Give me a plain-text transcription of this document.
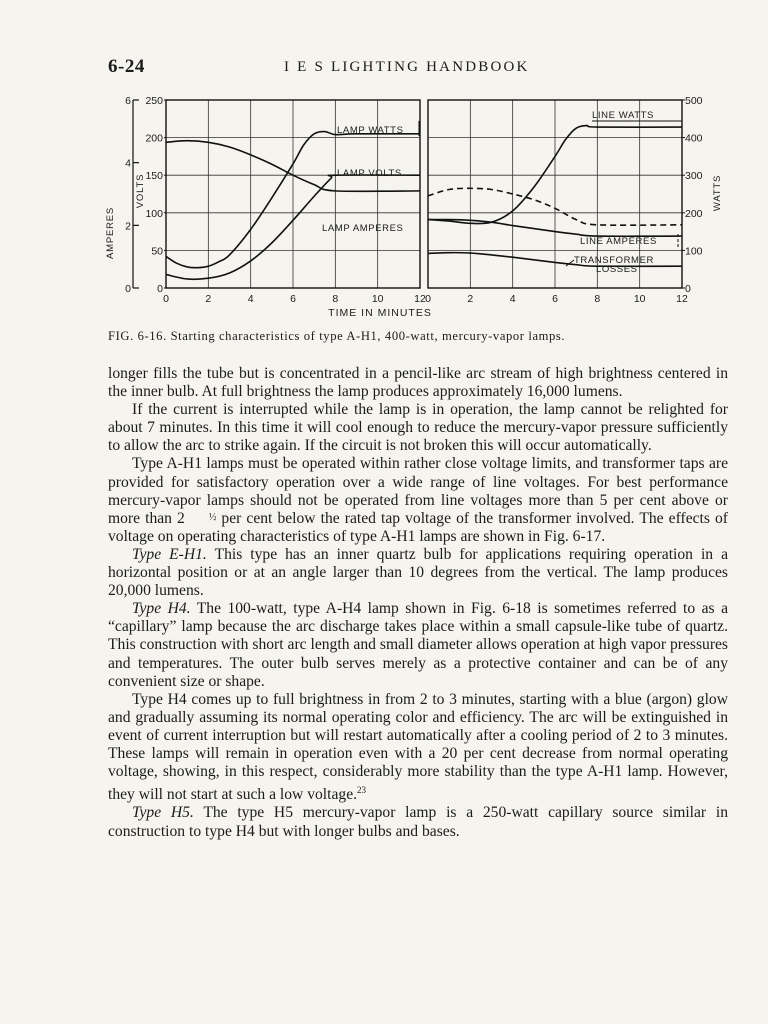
6-24	I E S LIGHTING HANDBOOK
0	2	4	6	8	10	12 0	2	4	6	8	10	12
0
50
100
150
200
250
0
2
4
6
AMPERES
VOLTS
0
100
200
300
400
500
WATTS
TIME IN MINUTES
LAMP WATTS
LAMP VOLTS
LAMP AMPERES
LINE WATTS
LINE AMPERES
TRANSFORMER
LOSSES
FIG. 6-16. Starting characteristics of type A-H1, 400-watt, mercury-vapor lamps.

longer fills the tube but is concentrated in a pencil-like arc stream of high brightness centered in the inner bulb. At full brightness the lamp produces approximately 16,000 lumens.

If the current is interrupted while the lamp is in operation, the lamp cannot be relighted for about 7 minutes. In this time it will cool enough to reduce the mercury-vapor pressure sufficiently to allow the arc to strike again. If the circuit is not broken this will occur automatically.

Type A-H1 lamps must be operated within rather close voltage limits, and transformer taps are provided for satisfactory operation over a wide range of line voltages. For best performance mercury-vapor lamps should not be operated from line voltages more than 5 per cent above or more than 2 ½ per cent below the rated tap voltage of the transformer involved. The effects of voltage on operating characteristics of type A-H1 lamps are shown in Fig. 6-17.

Type E-H1. This type has an inner quartz bulb for applications requiring operation in a horizontal position or at an angle larger than 10 degrees from the vertical. The lamp produces 20,000 lumens.

Type H4. The 100-watt, type A-H4 lamp shown in Fig. 6-18 is sometimes referred to as a “capillary” lamp because the arc discharge takes place within a small capsule-like tube of quartz. This construction with short arc length and small diameter allows operation at high vapor pressures and temperatures. The outer bulb serves merely as a protective container and can be of any convenient size or shape.

Type H4 comes up to full brightness in from 2 to 3 minutes, starting with a blue (argon) glow and gradually assuming its normal operating color and efficiency. The arc will be extinguished in event of current interruption but will restart automatically after a cooling period of 2 to 3 minutes. These lamps will remain in operation even with a 20 per cent decrease from normal operating voltage, showing, in this respect, considerably more stability than the type A-H1 lamp. However, they will not start at such a low voltage.$^{23}$

Type H5. The type H5 mercury-vapor lamp is a 250-watt capillary source similar in construction to type H4 but with longer bulbs and bases.
